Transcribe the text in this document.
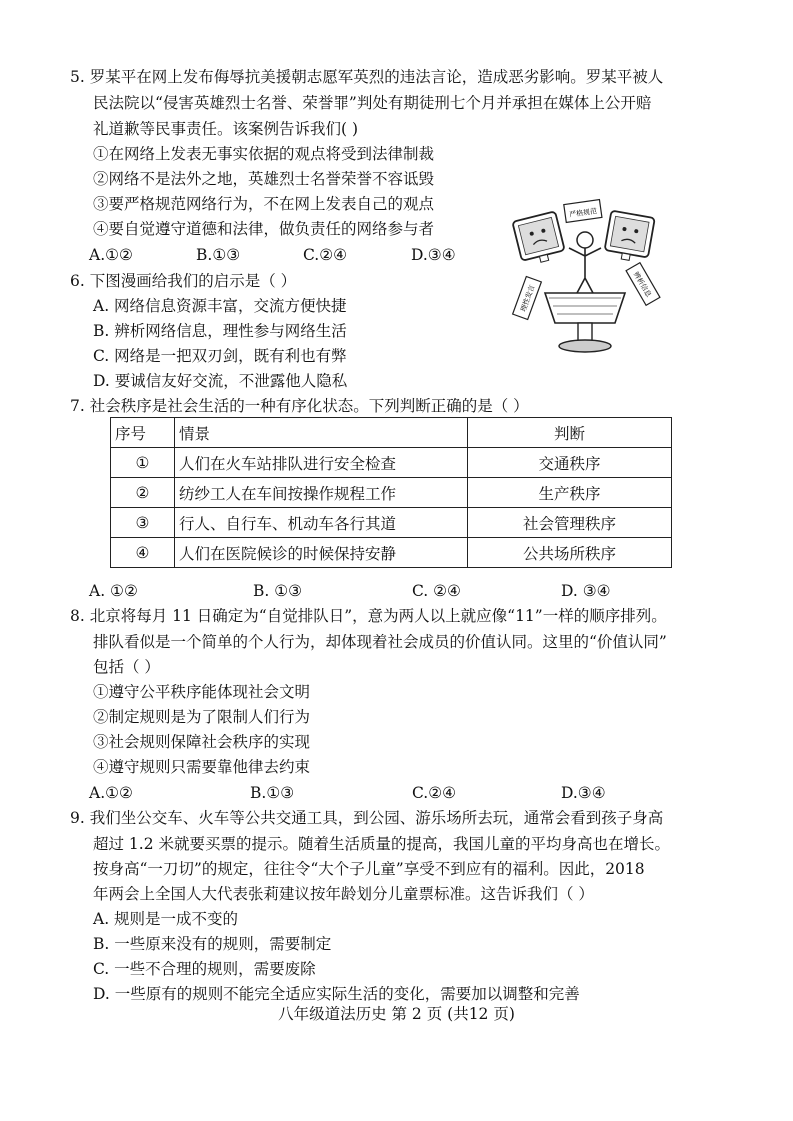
5. 罗某平在网上发布侮辱抗美援朝志愿军英烈的违法言论，造成恶劣影响。罗某平被人
民法院以“侵害英雄烈士名誉、荣誉罪”判处有期徒刑七个月并承担在媒体上公开赔
礼道歉等民事责任。该案例告诉我们( )
①在网络上发表无事实依据的观点将受到法律制裁
②网络不是法外之地，英雄烈士名誉荣誉不容诋毁
③要严格规范网络行为，不在网上发表自己的观点
④要自觉遵守道德和法律，做负责任的网络参与者
A.①②	B.①③	C.②④	D.③④
严格规范
理性发言	辨析信息
6. 下图漫画给我们的启示是（ ）
A. 网络信息资源丰富，交流方便快捷
B. 辨析网络信息，理性参与网络生活
C. 网络是一把双刃剑，既有利也有弊
D. 要诚信友好交流，不泄露他人隐私
7. 社会秩序是社会生活的一种有序化状态。下列判断正确的是（ ）
序号	情景	判断
①	人们在火车站排队进行安全检查	交通秩序
②	纺纱工人在车间按操作规程工作	生产秩序
③	行人、自行车、机动车各行其道	社会管理秩序
④	人们在医院候诊的时候保持安静	公共场所秩序
A. ①②	B. ①③	C. ②④	D. ③④
8. 北京将每月 11 日确定为“自觉排队日”，意为两人以上就应像“11”一样的顺序排列。
排队看似是一个简单的个人行为，却体现着社会成员的价值认同。这里的“价值认同”
包括（ ）
①遵守公平秩序能体现社会文明
②制定规则是为了限制人们行为
③社会规则保障社会秩序的实现
④遵守规则只需要靠他律去约束
A.①②	B.①③	C.②④	D.③④
9. 我们坐公交车、火车等公共交通工具，到公园、游乐场所去玩，通常会看到孩子身高
超过 1.2 米就要买票的提示。随着生活质量的提高，我国儿童的平均身高也在增长。
按身高“一刀切”的规定，往往令“大个子儿童”享受不到应有的福利。因此，2018
年两会上全国人大代表张莉建议按年龄划分儿童票标准。这告诉我们（ ）
A. 规则是一成不变的
B. 一些原来没有的规则，需要制定
C. 一些不合理的规则，需要废除
D. 一些原有的规则不能完全适应实际生活的变化，需要加以调整和完善
八年级道法历史 第 2 页 (共12 页)
